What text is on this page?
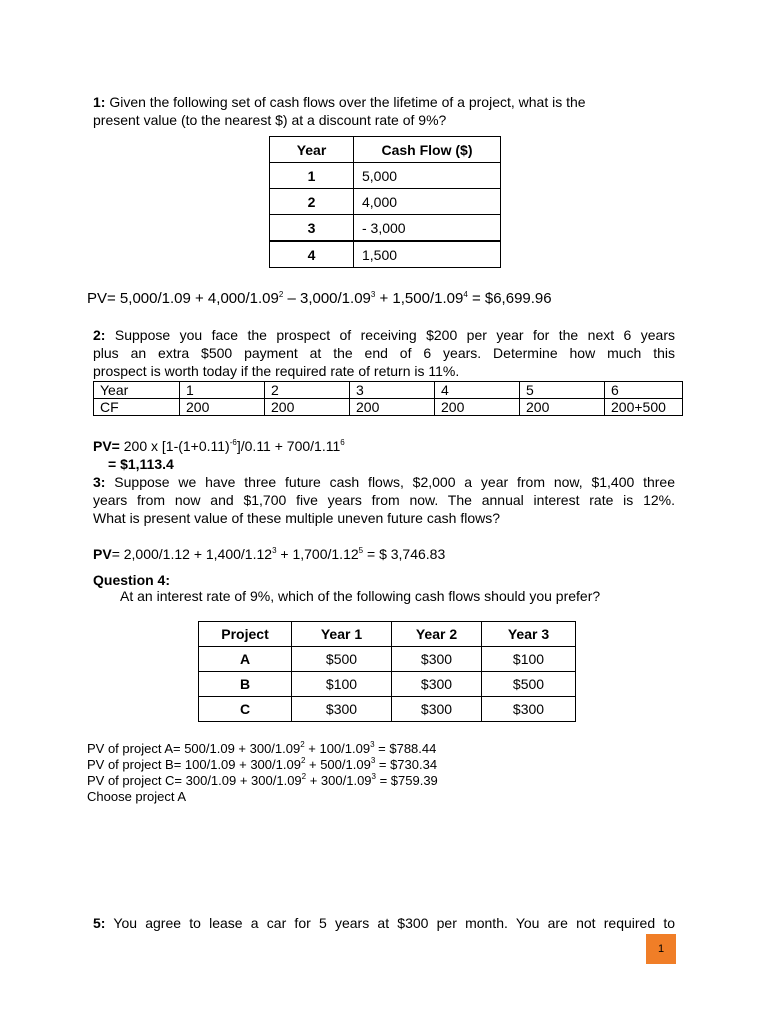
1: Given the following set of cash flows over the lifetime of a project, what is the
present value (to the nearest $) at a discount rate of 9%?
Year	Cash Flow ($)
1	5,000
2	4,000
3	- 3,000
4	1,500
$PV= 5,000/1.09 + 4,000/1.09^2 - 3,000/1.09^3 + 1,500/1.09^4$ = $6,699.96
2: Suppose you face the prospect of receiving $200 per year for the next 6 years
plus an extra $500 payment at the end of 6 years. Determine how much this
prospect is worth today if the required rate of return is 11%.
Year	1	2	3	4	5	6
CF	200	200	200	200	200	200+500
PV= 200 x $[1-(1+0.11)^{-6}]/0.11 + 700/1.11^6$
= $1,113.4
3: Suppose we have three future cash flows, $2,000 a year from now, $1,400 three
years from now and $1,700 five years from now. The annual interest rate is 12%.
What is present value of these multiple uneven future cash flows?
$PV= 2,000/1.12 + 1,400/1.12^3 + 1,700/1.12^5$ = $ 3,746.83
Question 4:
At an interest rate of 9%, which of the following cash flows should you prefer?
Project	Year 1	Year 2	Year 3
A	$500	$300	$100
B	$100	$300	$500
C	$300	$300	$300
PV of project $A= 500/1.09 + 300/1.09^2 + 100/1.09^3$ = $788.44
PV of project $B= 100/1.09 + 300/1.09^2 + 500/1.09^3$ = $730.34
PV of project $C= 300/1.09 + 300/1.09^2 + 300/1.09^3$ = $759.39
Choose project A
5: You agree to lease a car for 5 years at $300 per month. You are not required to
1
